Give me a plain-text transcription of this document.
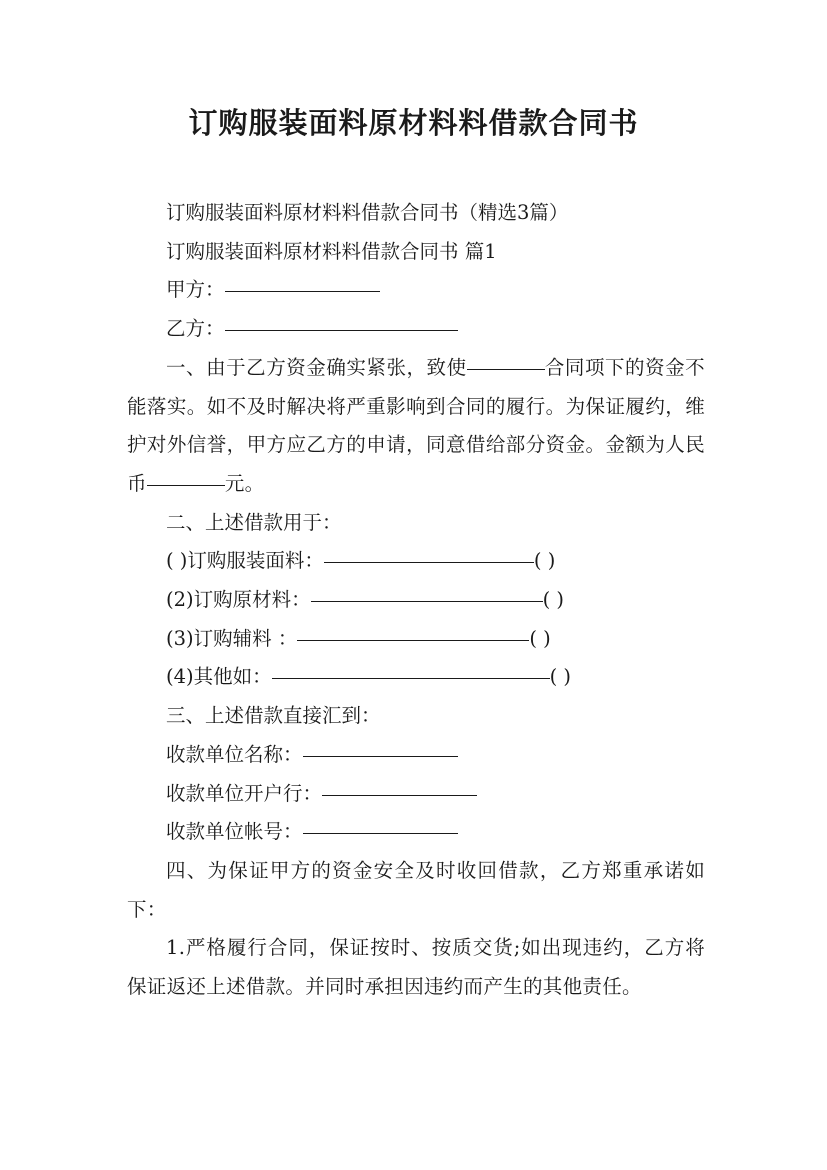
订购服装面料原材料料借款合同书

订购服装面料原材料料借款合同书（精选3篇）

订购服装面料原材料料借款合同书 篇1

甲方：

乙方：

一、由于乙方资金确实紧张，致使	合同项下的资金不能落实。如不及时解决将严重影响到合同的履行。为保证履约，维护对外信誉，甲方应乙方的申请，同意借给部分资金。金额为人民币	元。

二、上述借款用于：

( )订购服装面料：	( )

(2)订购原材料：	( )

(3)订购辅料 ：	( )

(4)其他如：	( )

三、上述借款直接汇到：

收款单位名称：

收款单位开户行：

收款单位帐号：

四、为保证甲方的资金安全及时收回借款，乙方郑重承诺如下：

1.严格履行合同，保证按时、按质交货;如出现违约，乙方将保证返还上述借款。并同时承担因违约而产生的其他责任。
